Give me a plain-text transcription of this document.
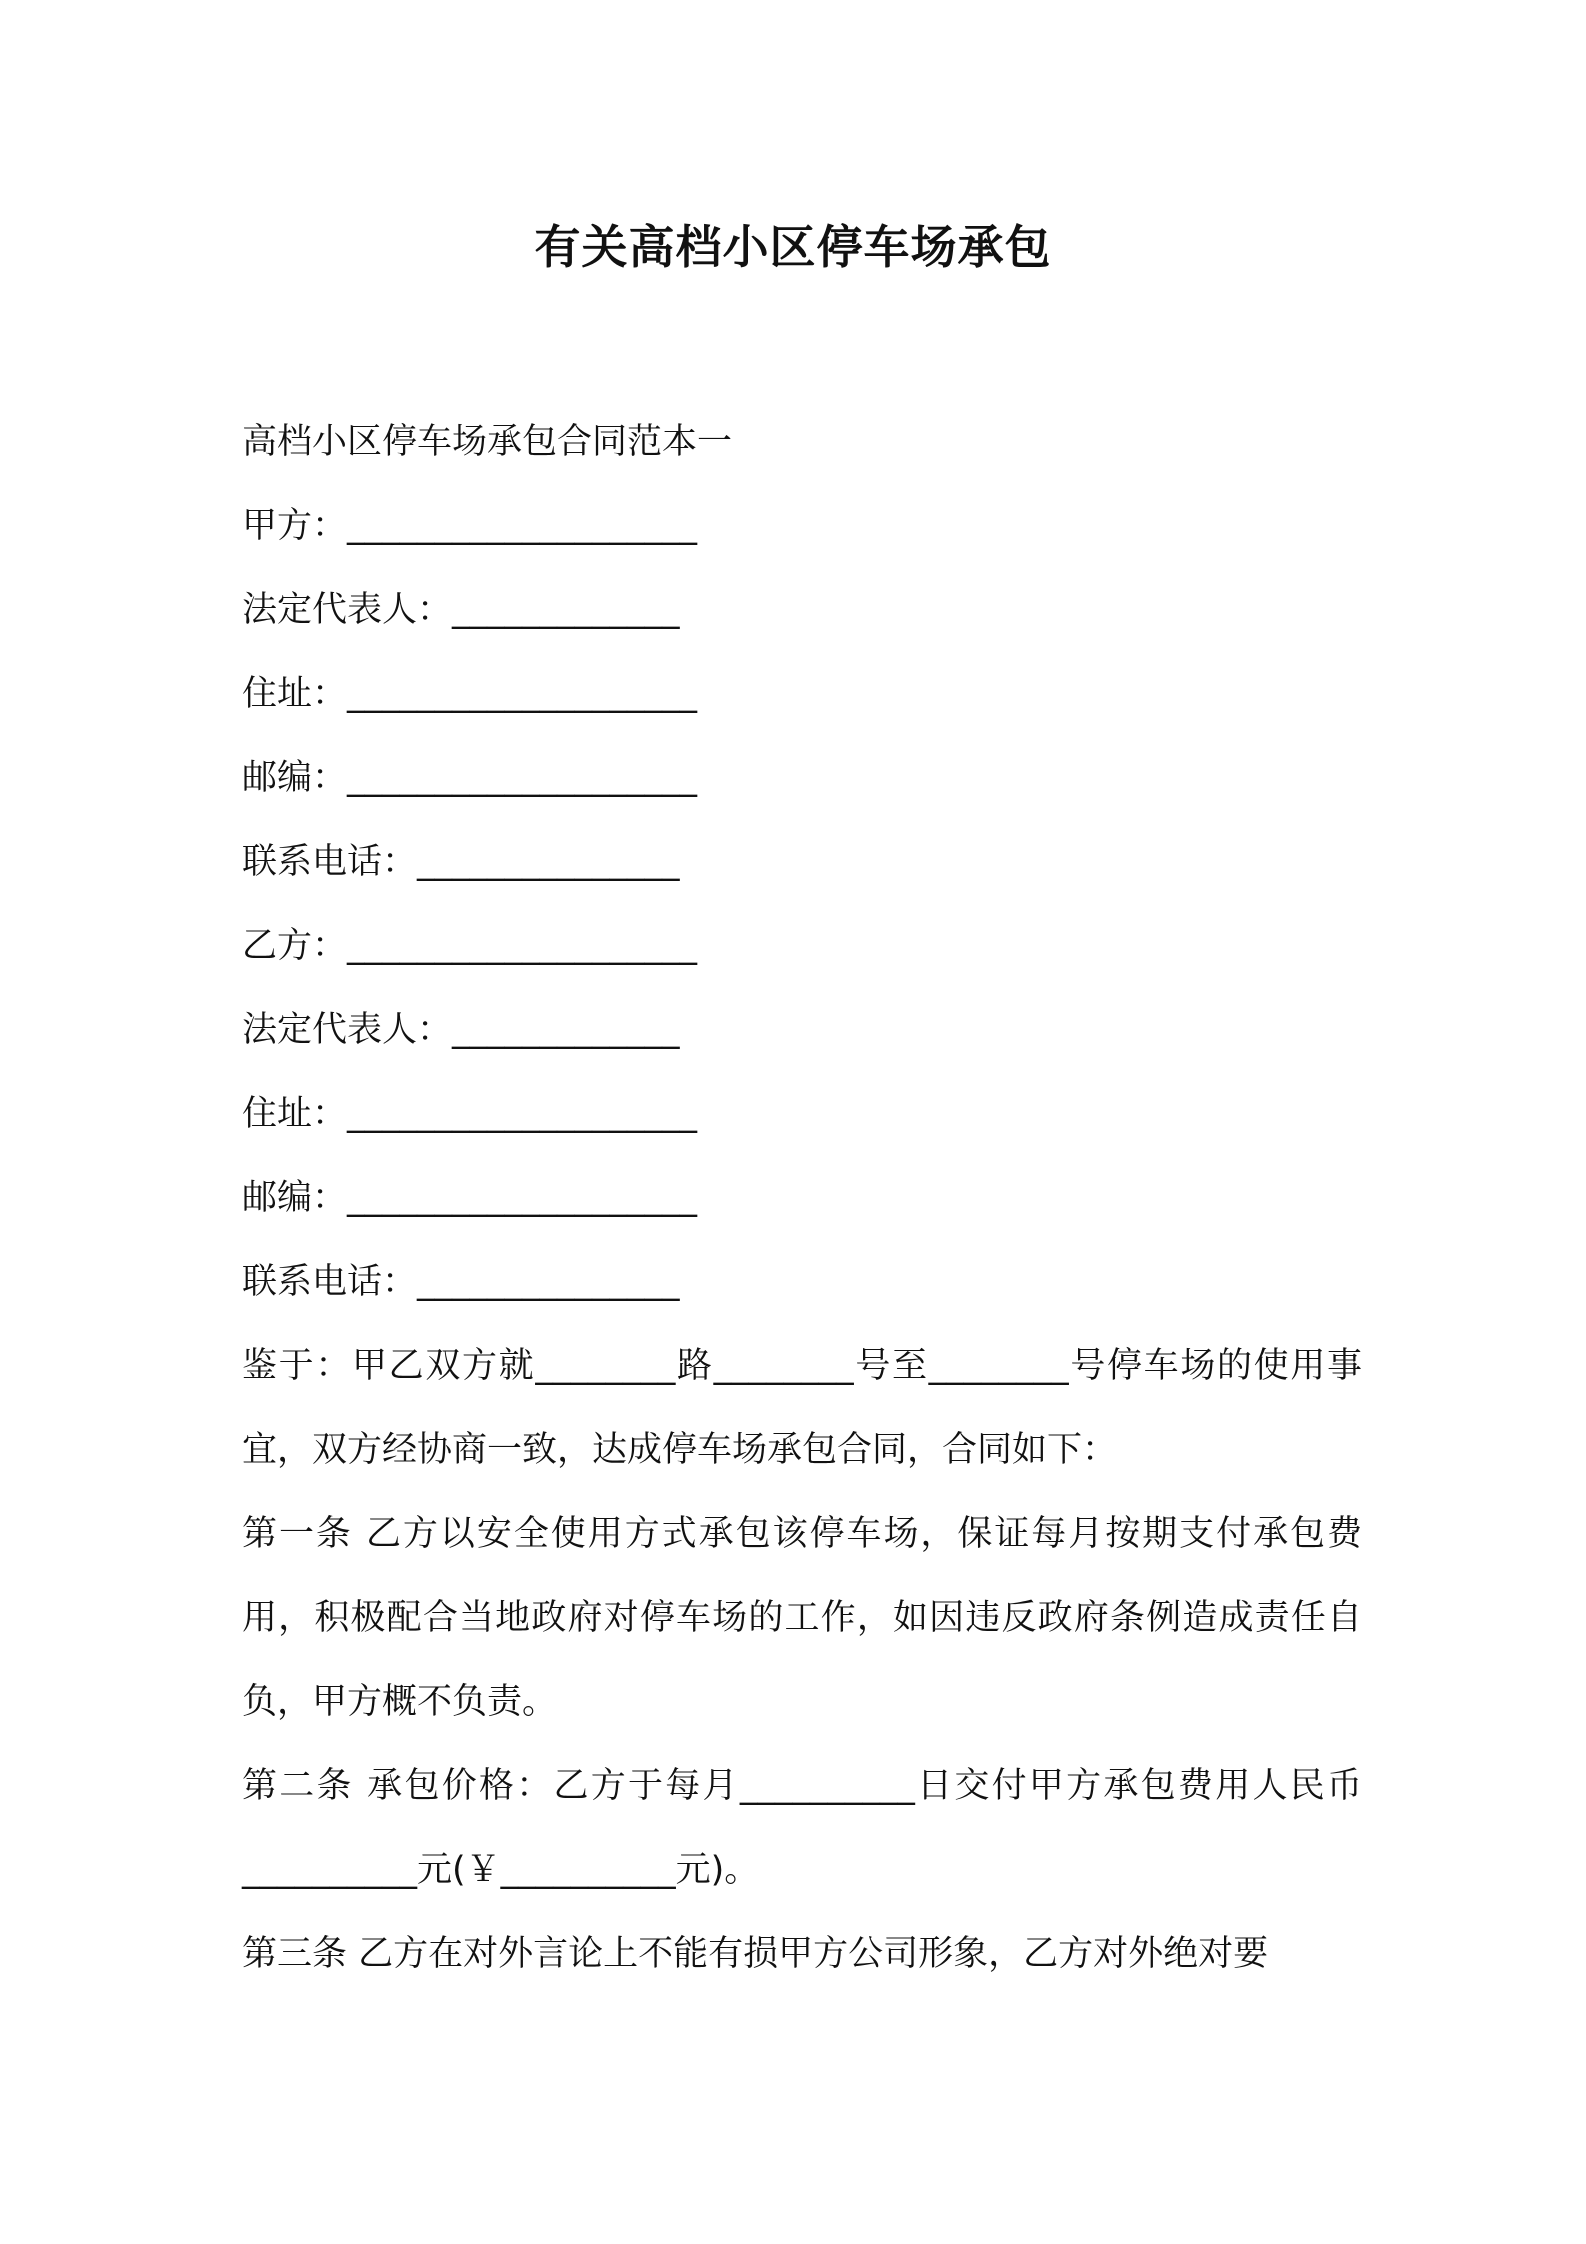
有关高档小区停车场承包

高档小区停车场承包合同范本一

甲方：____________________

法定代表人：_____________

住址：____________________

邮编：____________________

联系电话：_______________

乙方：____________________

法定代表人：_____________

住址：____________________

邮编：____________________

联系电话：_______________

鉴于：甲乙双方就________路________号至________号停车场的使用事宜，双方经协商一致，达成停车场承包合同，合同如下：

第一条 乙方以安全使用方式承包该停车场，保证每月按期支付承包费用，积极配合当地政府对停车场的工作，如因违反政府条例造成责任自负，甲方概不负责。

第二条 承包价格：乙方于每月__________日交付甲方承包费用人民币__________元(￥__________元)。

第三条 乙方在对外言论上不能有损甲方公司形象，乙方对外绝对要
